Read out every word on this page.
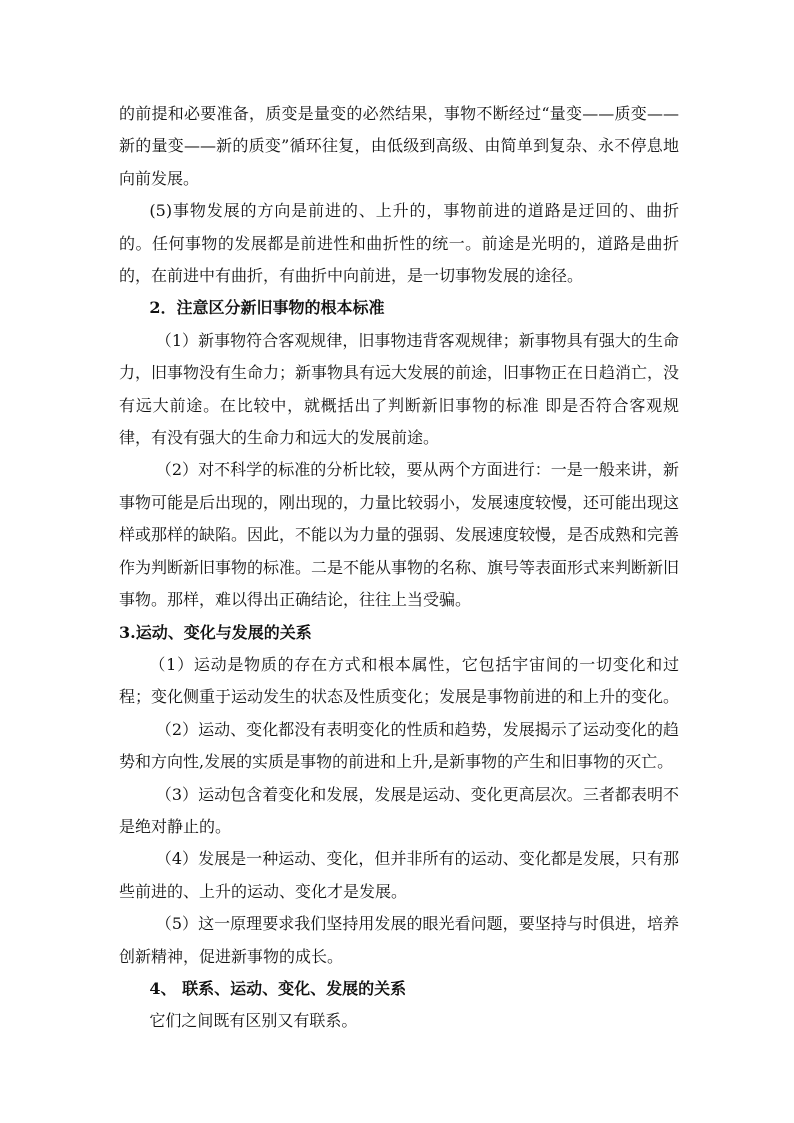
的前提和必要准备，质变是量变的必然结果，事物不断经过“量变——质变——新的量变——新的质变”循环往复，由低级到高级、由简单到复杂、永不停息地向前发展。

(5)事物发展的方向是前进的、上升的，事物前进的道路是迂回的、曲折的。任何事物的发展都是前进性和曲折性的统一。前途是光明的，道路是曲折的，在前进中有曲折，有曲折中向前进，是一切事物发展的途径。

2．注意区分新旧事物的根本标准

（1）新事物符合客观规律，旧事物违背客观规律；新事物具有强大的生命力，旧事物没有生命力；新事物具有远大发展的前途，旧事物正在日趋消亡，没有远大前途。在比较中，就概括出了判断新旧事物的标准 即是否符合客观规律，有没有强大的生命力和远大的发展前途。

（2）对不科学的标准的分析比较，要从两个方面进行：一是一般来讲，新事物可能是后出现的，刚出现的，力量比较弱小，发展速度较慢，还可能出现这样或那样的缺陷。因此，不能以为力量的强弱、发展速度较慢，是否成熟和完善作为判断新旧事物的标准。二是不能从事物的名称、旗号等表面形式来判断新旧事物。那样，难以得出正确结论，往往上当受骗。

3.运动、变化与发展的关系

（1）运动是物质的存在方式和根本属性，它包括宇宙间的一切变化和过程；变化侧重于运动发生的状态及性质变化；发展是事物前进的和上升的变化。

（2）运动、变化都没有表明变化的性质和趋势，发展揭示了运动变化的趋势和方向性,发展的实质是事物的前进和上升,是新事物的产生和旧事物的灭亡。

（3）运动包含着变化和发展，发展是运动、变化更高层次。三者都表明不是绝对静止的。

（4）发展是一种运动、变化，但并非所有的运动、变化都是发展，只有那些前进的、上升的运动、变化才是发展。

（5）这一原理要求我们坚持用发展的眼光看问题，要坚持与时俱进，培养创新精神，促进新事物的成长。

4、 联系、运动、变化、发展的关系

它们之间既有区别又有联系。
